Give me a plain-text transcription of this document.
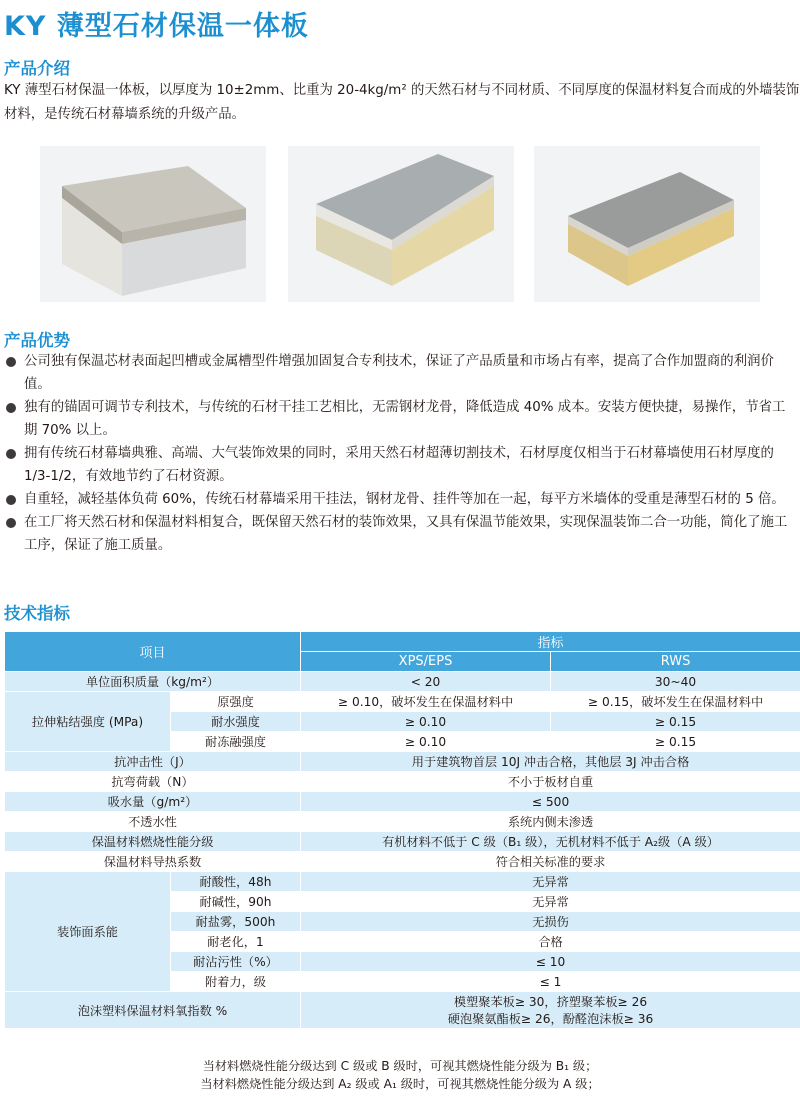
KY 薄型石材保温一体板
产品介绍
KY 薄型石材保温一体板，以厚度为 10±2mm、比重为 20-4kg/m² 的天然石材与不同材质、不同厚度的保温材料复合而成的外墙装饰材料，是传统石材幕墙系统的升级产品。
产品优势
公司独有保温芯材表面起凹槽或金属槽型件增强加固复合专利技术，保证了产品质量和市场占有率，提高了合作加盟商的利润价值。
独有的锚固可调节专利技术，与传统的石材干挂工艺相比，无需钢材龙骨，降低造成 40% 成本。安装方便快捷，易操作，节省工期 70% 以上。
拥有传统石材幕墙典雅、高端、大气装饰效果的同时，采用天然石材超薄切割技术，石材厚度仅相当于石材幕墙使用石材厚度的 1/3-1/2，有效地节约了石材资源。
自重轻，减轻基体负荷 60%，传统石材幕墙采用干挂法，钢材龙骨、挂件等加在一起，每平方米墙体的受重是薄型石材的 5 倍。
在工厂将天然石材和保温材料相复合，既保留天然石材的装饰效果，又具有保温节能效果，实现保温装饰二合一功能，简化了施工工序，保证了施工质量。
技术指标
项目		指标	
		XPS/EPS	RWS
单位面积质量（kg/m²）		< 20	30~40
拉伸粘结强度 (MPa)	原强度	≥ 0.10，破坏发生在保温材料中	≥ 0.15，破坏发生在保温材料中
	耐水强度	≥ 0.10	≥ 0.15
	耐冻融强度	≥ 0.10	≥ 0.15
抗冲击性（J）		用于建筑物首层 10J 冲击合格，其他层 3J 冲击合格	
抗弯荷载（N）		不小于板材自重	
吸水量（g/m²）		≤ 500	
不透水性		系统内侧未渗透	
保温材料燃烧性能分级		有机材料不低于 C 级（B₁ 级），无机材料不低于 A₂级（A 级）	
保温材料导热系数		符合相关标准的要求	
装饰面系能	耐酸性，48h	无异常	
	耐碱性，90h	无异常	
	耐盐雾，500h	无损伤	
	耐老化，1	合格	
	耐沾污性（%）	≤ 10	
	附着力，级	≤ 1	
泡沫塑料保温材料氧指数 %		模塑聚苯板≥ 30，挤塑聚苯板≥ 26
硬泡聚氨酯板≥ 26，酚醛泡沫板≥ 36	
当材料燃烧性能分级达到 C 级或 B 级时，可视其燃烧性能分级为 B₁ 级；
当材料燃烧性能分级达到 A₂ 级或 A₁ 级时，可视其燃烧性能分级为 A 级；
